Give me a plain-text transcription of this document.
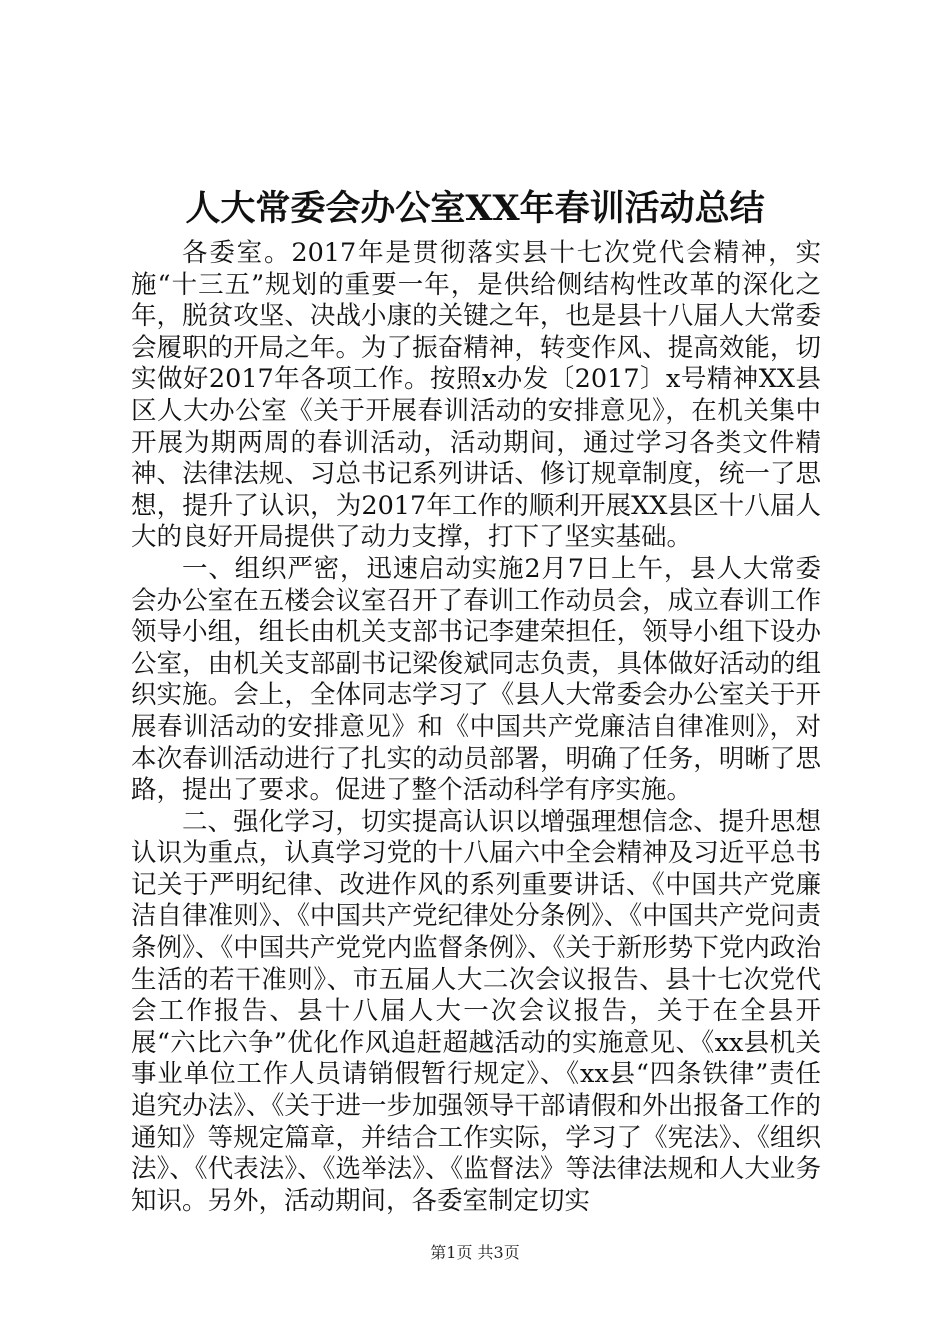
人大常委会办公室XX年春训活动总结

各委室。2017年是贯彻落实县十七次党代会精神，实施“十三五”规划的重要一年，是供给侧结构性改革的深化之年，脱贫攻坚、决战小康的关键之年，也是县十八届人大常委会履职的开局之年。为了振奋精神，转变作风、提高效能，切实做好2017年各项工作。按照x办发〔2017〕x号精神XX县区人大办公室《关于开展春训活动的安排意见》，在机关集中开展为期两周的春训活动，活动期间，通过学习各类文件精神、法律法规、习总书记系列讲话、修订规章制度，统一了思想，提升了认识，为2017年工作的顺利开展XX县区十八届人大的良好开局提供了动力支撑，打下了坚实基础。

一、组织严密，迅速启动实施2月7日上午，县人大常委会办公室在五楼会议室召开了春训工作动员会，成立春训工作领导小组，组长由机关支部书记李建荣担任，领导小组下设办公室，由机关支部副书记梁俊斌同志负责，具体做好活动的组织实施。会上，全体同志学习了《县人大常委会办公室关于开展春训活动的安排意见》和《中国共产党廉洁自律准则》，对本次春训活动进行了扎实的动员部署，明确了任务，明晰了思路，提出了要求。促进了整个活动科学有序实施。

二、强化学习，切实提高认识以增强理想信念、提升思想认识为重点，认真学习党的十八届六中全会精神及习近平总书记关于严明纪律、改进作风的系列重要讲话、《中国共产党廉洁自律准则》、《中国共产党纪律处分条例》、《中国共产党问责条例》、《中国共产党党内监督条例》、《关于新形势下党内政治生活的若干准则》、市五届人大二次会议报告、县十七次党代会工作报告、县十八届人大一次会议报告，关于在全县开展“六比六争”优化作风追赶超越活动的实施意见、《xx县机关事业单位工作人员请销假暂行规定》、《xx县“四条铁律”责任追究办法》、《关于进一步加强领导干部请假和外出报备工作的通知》等规定篇章，并结合工作实际，学习了《宪法》、《组织法》、《代表法》、《选举法》、《监督法》等法律法规和人大业务知识。另外，活动期间，各委室制定切实

第1页 共3页
